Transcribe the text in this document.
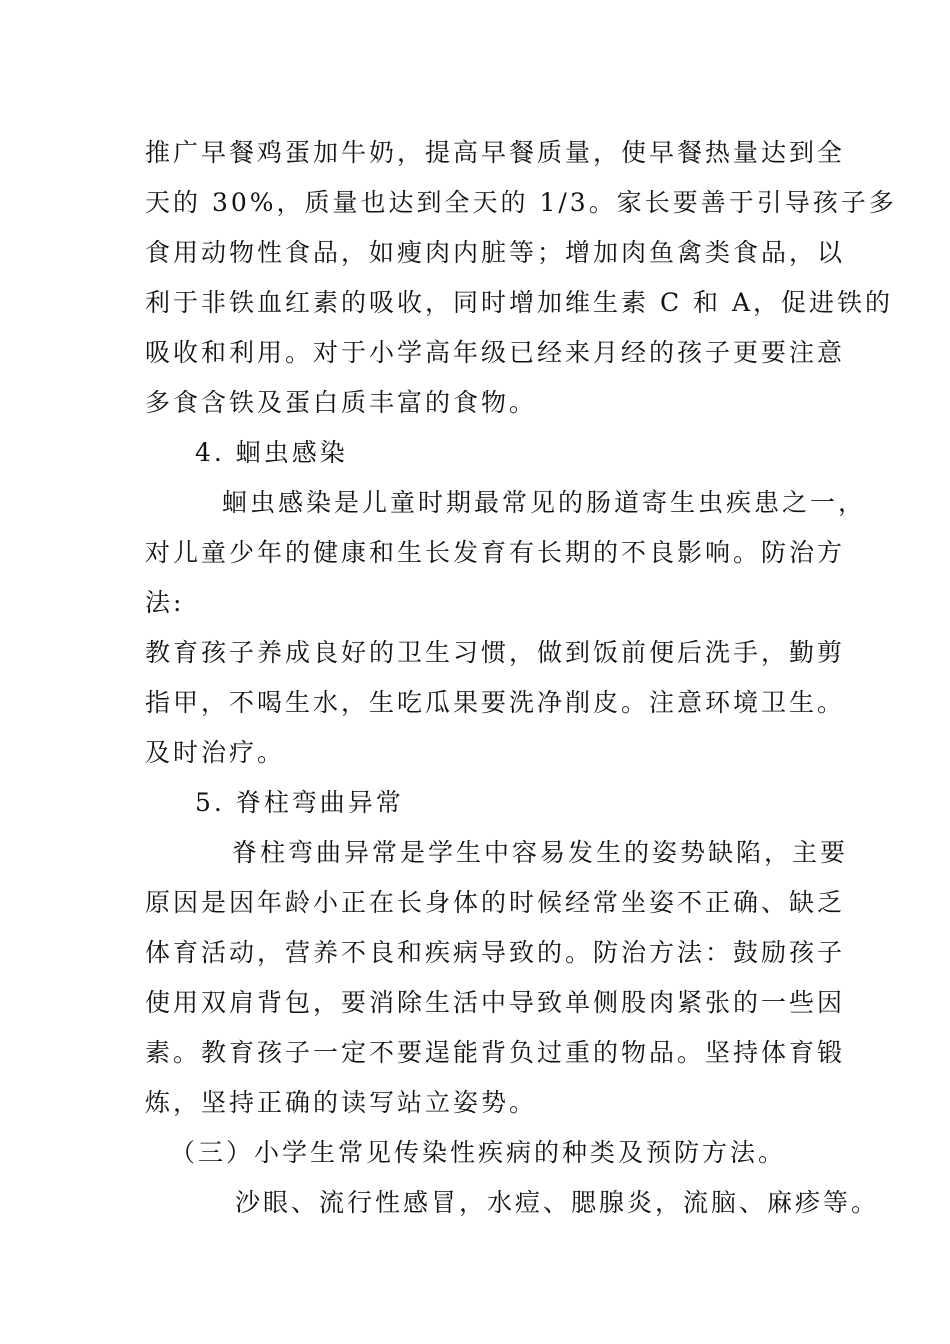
推广早餐鸡蛋加牛奶，提高早餐质量，使早餐热量达到全
天的 30%，质量也达到全天的 1/3。家长要善于引导孩子多
食用动物性食品，如瘦肉内脏等；增加肉鱼禽类食品，以
利于非铁血红素的吸收，同时增加维生素 C 和 A，促进铁的
吸收和利用。对于小学高年级已经来月经的孩子更要注意
多食含铁及蛋白质丰富的食物。
4. 蛔虫感染
蛔虫感染是儿童时期最常见的肠道寄生虫疾患之一，
对儿童少年的健康和生长发育有长期的不良影响。防治方
法:
教育孩子养成良好的卫生习惯，做到饭前便后洗手，勤剪
指甲，不喝生水，生吃瓜果要洗净削皮。注意环境卫生。
及时治疗。
5. 脊柱弯曲异常
脊柱弯曲异常是学生中容易发生的姿势缺陷，主要
原因是因年龄小正在长身体的时候经常坐姿不正确、缺乏
体育活动，营养不良和疾病导致的。防治方法：鼓励孩子
使用双肩背包，要消除生活中导致单侧股肉紧张的一些因
素。教育孩子一定不要逞能背负过重的物品。坚持体育锻
炼，坚持正确的读写站立姿势。
（三）小学生常见传染性疾病的种类及预防方法。
沙眼、流行性感冒，水痘、腮腺炎，流脑、麻疹等。
